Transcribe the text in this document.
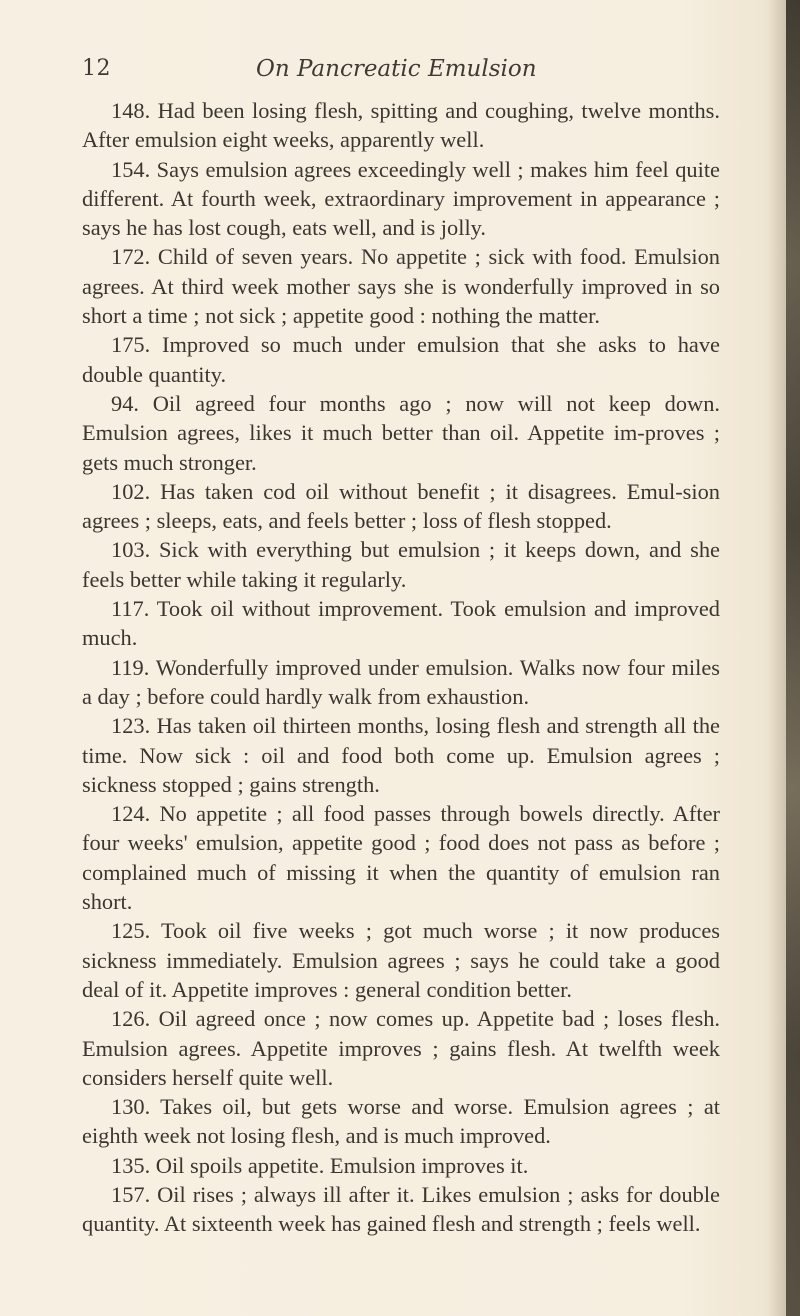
12	On Pancreatic Emulsion

148. Had been losing flesh, spitting and coughing, twelve months. After emulsion eight weeks, apparently well.

154. Says emulsion agrees exceedingly well ; makes him feel quite different. At fourth week, extraordinary improvement in appearance ; says he has lost cough, eats well, and is jolly.

172. Child of seven years. No appetite ; sick with food. Emulsion agrees. At third week mother says she is wonderfully improved in so short a time ; not sick ; appetite good : nothing the matter.

175. Improved so much under emulsion that she asks to have double quantity.

94. Oil agreed four months ago ; now will not keep down. Emulsion agrees, likes it much better than oil. Appetite im-proves ; gets much stronger.

102. Has taken cod oil without benefit ; it disagrees. Emul-sion agrees ; sleeps, eats, and feels better ; loss of flesh stopped.

103. Sick with everything but emulsion ; it keeps down, and she feels better while taking it regularly.

117. Took oil without improvement. Took emulsion and improved much.

119. Wonderfully improved under emulsion. Walks now four miles a day ; before could hardly walk from exhaustion.

123. Has taken oil thirteen months, losing flesh and strength all the time. Now sick : oil and food both come up. Emulsion agrees ; sickness stopped ; gains strength.

124. No appetite ; all food passes through bowels directly. After four weeks' emulsion, appetite good ; food does not pass as before ; complained much of missing it when the quantity of emulsion ran short.

125. Took oil five weeks ; got much worse ; it now produces sickness immediately. Emulsion agrees ; says he could take a good deal of it. Appetite improves : general condition better.

126. Oil agreed once ; now comes up. Appetite bad ; loses flesh. Emulsion agrees. Appetite improves ; gains flesh. At twelfth week considers herself quite well.

130. Takes oil, but gets worse and worse. Emulsion agrees ; at eighth week not losing flesh, and is much improved.

135. Oil spoils appetite. Emulsion improves it.

157. Oil rises ; always ill after it. Likes emulsion ; asks for double quantity. At sixteenth week has gained flesh and strength ; feels well.
